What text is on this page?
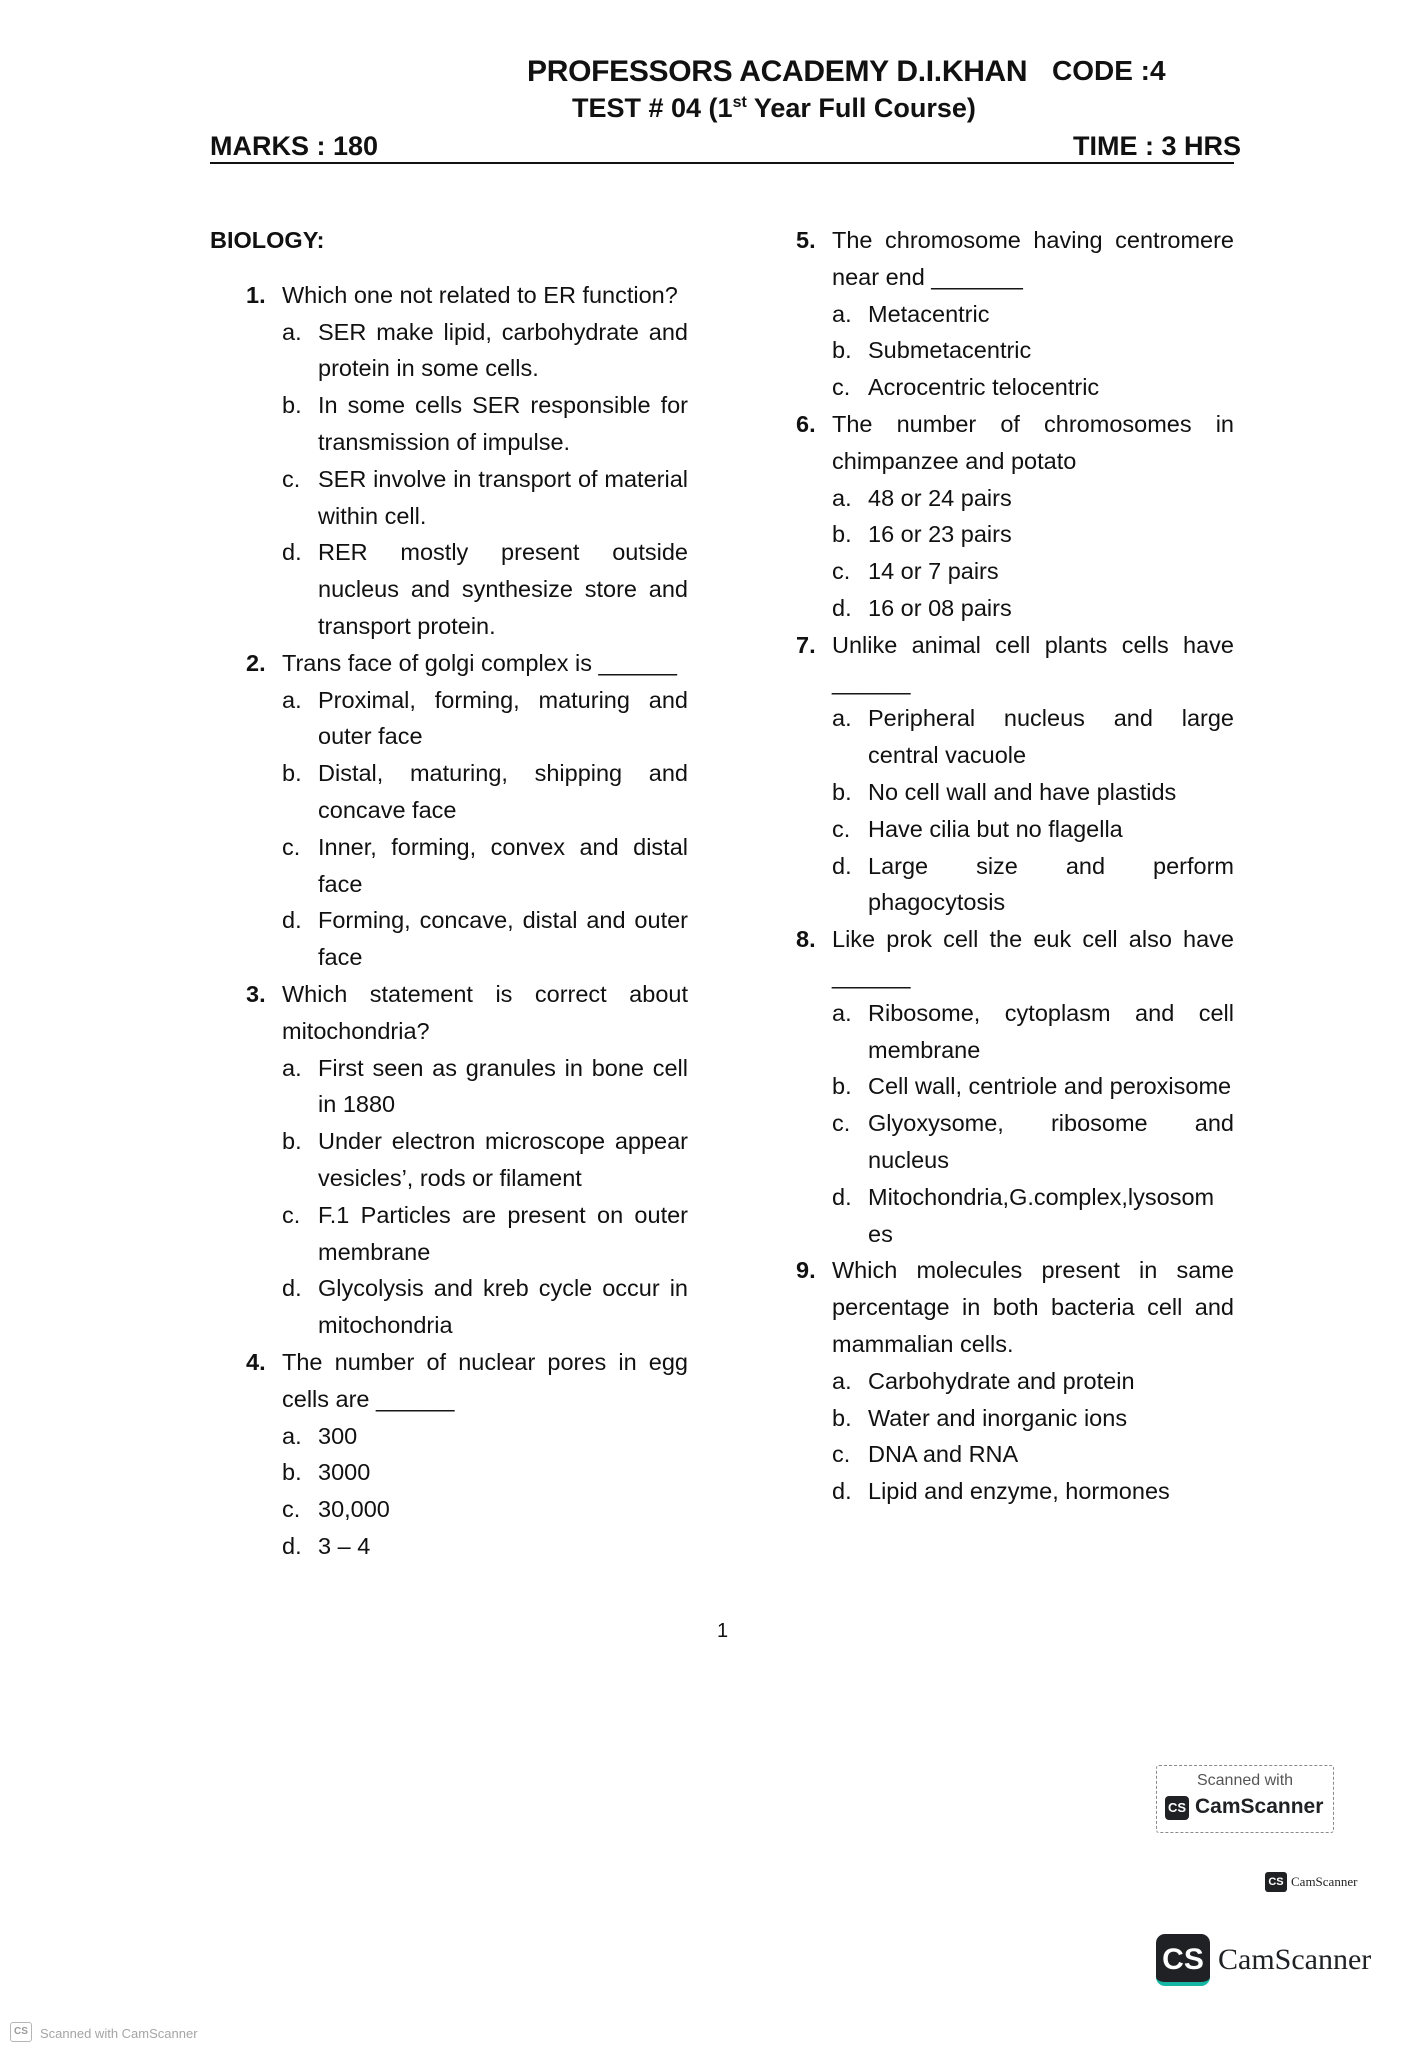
PROFESSORS ACADEMY D.I.KHAN CODE :4
TEST # 04 (1st Year Full Course)
MARKS : 180	TIME : 3 HRS
BIOLOGY:
1. Which one not related to ER function?
a. SER make lipid, carbohydrate and protein in some cells.
b. In some cells SER responsible for transmission of impulse.
c. SER involve in transport of material within cell.
d. RER mostly present outside nucleus and synthesize store and transport protein.
2. Trans face of golgi complex is ______
a. Proximal, forming, maturing and outer face
b. Distal, maturing, shipping and concave face
c. Inner, forming, convex and distal face
d. Forming, concave, distal and outer face
3. Which statement is correct about mitochondria?
a. First seen as granules in bone cell in 1880
b. Under electron microscope appear vesicles’, rods or filament
c. F.1 Particles are present on outer membrane
d. Glycolysis and kreb cycle occur in mitochondria
4. The number of nuclear pores in egg cells are ______
a. 300
b. 3000
c. 30,000
d. 3 – 4
5. The chromosome having centromere near end _______
a. Metacentric
b. Submetacentric
c. Acrocentric telocentric
6. The number of chromosomes in chimpanzee and potato
a. 48 or 24 pairs
b. 16 or 23 pairs
c. 14 or 7 pairs
d. 16 or 08 pairs
7. Unlike animal cell plants cells have ______
a. Peripheral nucleus and large central vacuole
b. No cell wall and have plastids
c. Have cilia but no flagella
d. Large size and perform phagocytosis
8. Like prok cell the euk cell also have ______
a. Ribosome, cytoplasm and cell membrane
b. Cell wall, centriole and peroxisome
c. Glyoxysome, ribosome and nucleus
d. Mitochondria,G.complex,lysosom es
9. Which molecules present in same percentage in both bacteria cell and mammalian cells.
a. Carbohydrate and protein
b. Water and inorganic ions
c. DNA and RNA
d. Lipid and enzyme, hormones
1
Scanned with
CS CamScanner
CS CamScanner
CS CamScanner
CS Scanned with CamScanner
